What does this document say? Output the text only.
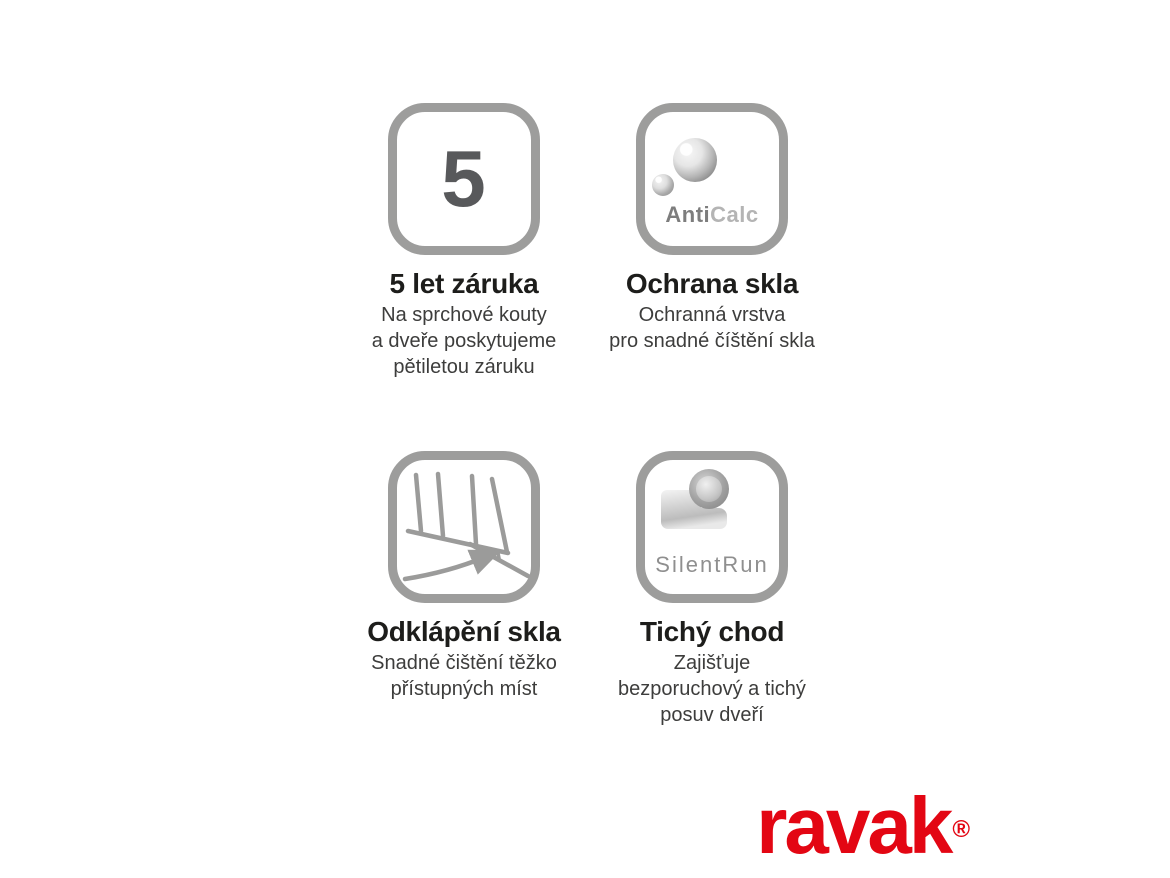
5
5 let záruka

Na sprchové kouty
a dveře poskytujeme
pětiletou záruku

AntiCalc
Ochrana skla

Ochranná vrstva
pro snadné číštění skla

Odklápění skla

Snadné čištění těžko
přístupných míst

SilentRun
Tichý chod

Zajišťuje
bezporuchový a tichý
posuv dveří

ravak®
